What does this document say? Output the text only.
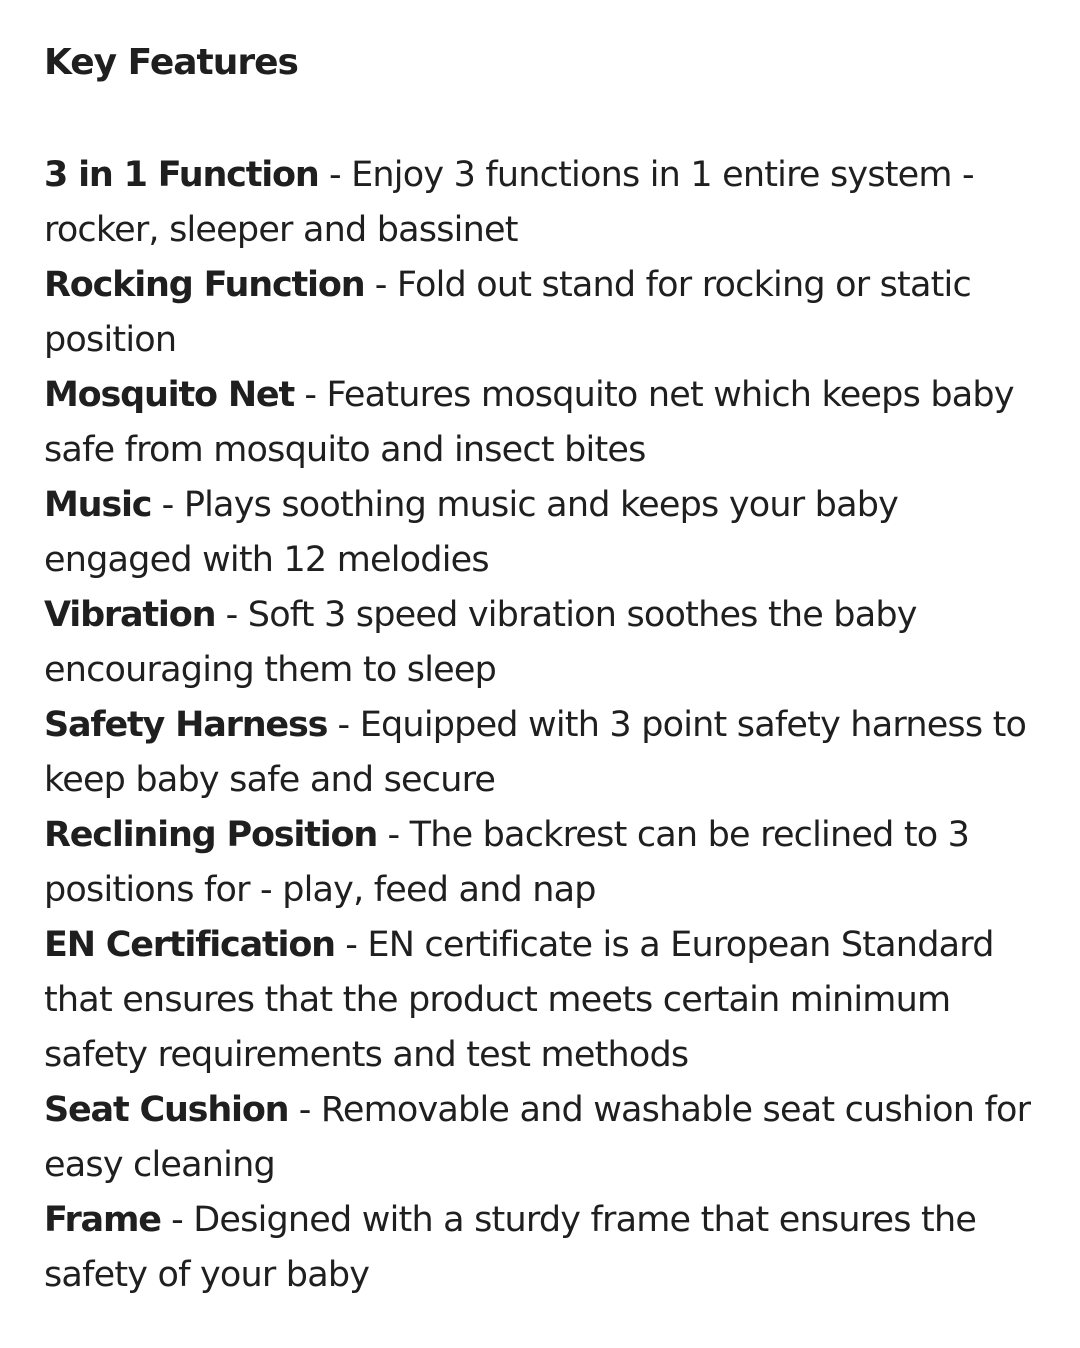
Key Features
3 in 1 Function - Enjoy 3 functions in 1 entire system - rocker, sleeper and bassinet
Rocking Function - Fold out stand for rocking or static position
Mosquito Net - Features mosquito net which keeps baby safe from mosquito and insect bites
Music - Plays soothing music and keeps your baby engaged with 12 melodies
Vibration - Soft 3 speed vibration soothes the baby encouraging them to sleep
Safety Harness - Equipped with 3 point safety harness to keep baby safe and secure
Reclining Position - The backrest can be reclined to 3 positions for - play, feed and nap
EN Certification - EN certificate is a European Standard that ensures that the product meets certain minimum safety requirements and test methods
Seat Cushion - Removable and washable seat cushion for easy cleaning
Frame - Designed with a sturdy frame that ensures the safety of your baby
